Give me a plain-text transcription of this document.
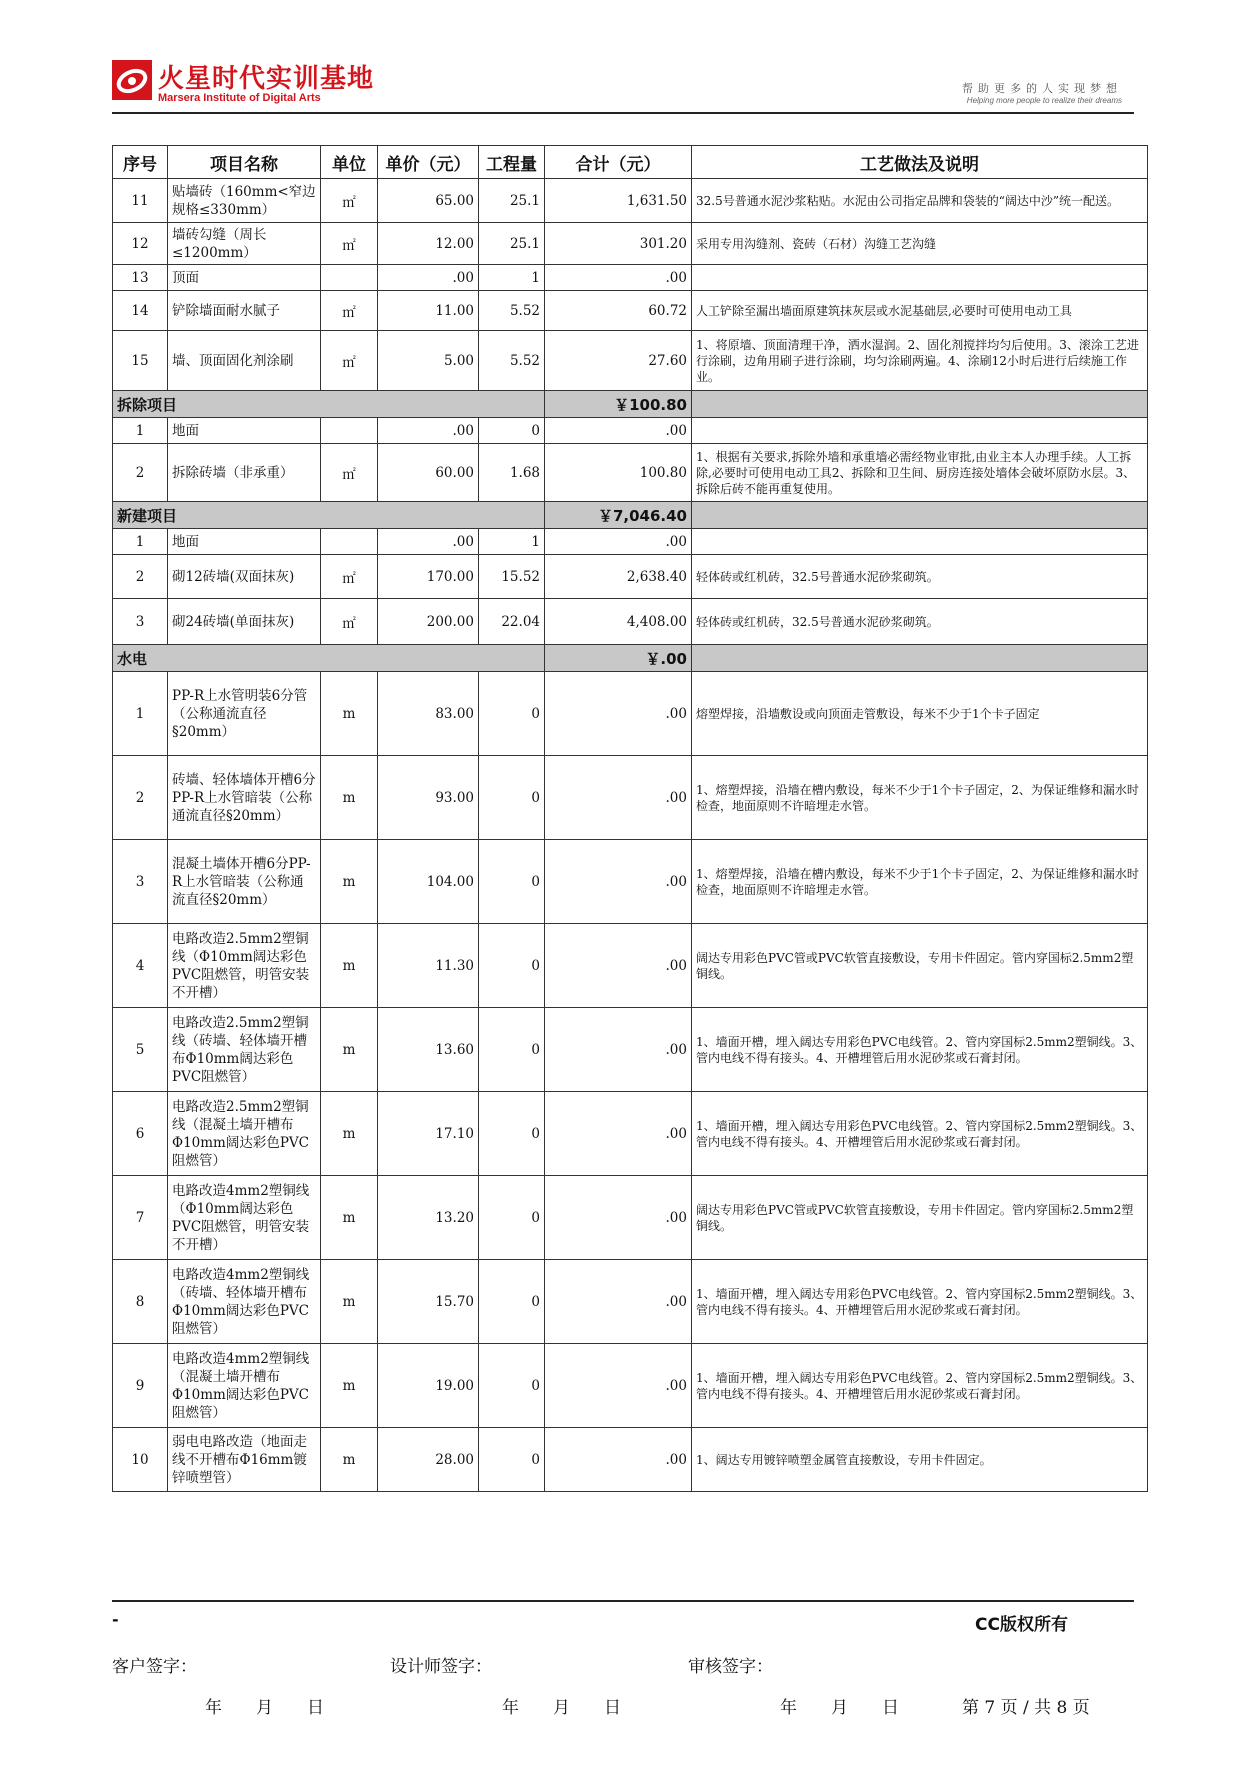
火星时代实训基地
Marsera Institute of Digital Arts
帮助更多的人实现梦想
Helping more people to realize their dreams
序号	项目名称	单位	单价（元）	工程量	合计（元）	工艺做法及说明
11	贴墙砖（160mm<窄边规格≤330mm）	㎡	65.00	25.1	1,631.50	32.5号普通水泥沙浆粘贴。水泥由公司指定品牌和袋装的“阔达中沙”统一配送。
12	墙砖勾缝（周长≤1200mm）	㎡	12.00	25.1	301.20	采用专用沟缝剂、瓷砖（石材）沟缝工艺沟缝
13	顶面		.00	1	.00	
14	铲除墙面耐水腻子	㎡	11.00	5.52	60.72	人工铲除至漏出墙面原建筑抹灰层或水泥基础层,必要时可使用电动工具
15	墙、顶面固化剂涂刷	㎡	5.00	5.52	27.60	1、将原墙、顶面清理干净，洒水湿润。2、固化剂搅拌均匀后使用。3、滚涂工艺进行涂刷，边角用刷子进行涂刷，均匀涂刷两遍。4、涂刷12小时后进行后续施工作业。
拆除项目					￥100.80	
1	地面		.00	0	.00	
2	拆除砖墙（非承重）	㎡	60.00	1.68	100.80	1、根据有关要求,拆除外墙和承重墙必需经物业审批,由业主本人办理手续。人工拆除,必要时可使用电动工具2、拆除和卫生间、厨房连接处墙体会破坏原防水层。3、拆除后砖不能再重复使用。
新建项目					￥7,046.40	
1	地面		.00	1	.00	
2	砌12砖墙(双面抹灰)	㎡	170.00	15.52	2,638.40	轻体砖或红机砖，32.5号普通水泥砂浆砌筑。
3	砌24砖墙(单面抹灰)	㎡	200.00	22.04	4,408.00	轻体砖或红机砖，32.5号普通水泥砂浆砌筑。
水电					￥.00	
1	PP-R上水管明装6分管（公称通流直径§20mm）	m	83.00	0	.00	熔塑焊接，沿墙敷设或向顶面走管敷设，每米不少于1个卡子固定
2	砖墙、轻体墙体开槽6分PP-R上水管暗装（公称通流直径§20mm）	m	93.00	0	.00	1、熔塑焊接，沿墙在槽内敷设，每米不少于1个卡子固定，2、为保证维修和漏水时检查，地面原则不许暗埋走水管。
3	混凝土墙体开槽6分PP-R上水管暗装（公称通流直径§20mm）	m	104.00	0	.00	1、熔塑焊接，沿墙在槽内敷设，每米不少于1个卡子固定，2、为保证维修和漏水时检查，地面原则不许暗埋走水管。
4	电路改造2.5mm2塑铜线（Φ10mm阔达彩色PVC阻燃管，明管安装不开槽）	m	11.30	0	.00	阔达专用彩色PVC管或PVC软管直接敷设，专用卡件固定。管内穿国标2.5mm2塑铜线。
5	电路改造2.5mm2塑铜线（砖墙、轻体墙开槽布Φ10mm阔达彩色PVC阻燃管）	m	13.60	0	.00	1、墙面开槽，埋入阔达专用彩色PVC电线管。2、管内穿国标2.5mm2塑铜线。3、管内电线不得有接头。4、开槽埋管后用水泥砂浆或石膏封闭。
6	电路改造2.5mm2塑铜线（混凝土墙开槽布Φ10mm阔达彩色PVC阻燃管）	m	17.10	0	.00	1、墙面开槽，埋入阔达专用彩色PVC电线管。2、管内穿国标2.5mm2塑铜线。3、管内电线不得有接头。4、开槽埋管后用水泥砂浆或石膏封闭。
7	电路改造4mm2塑铜线（Φ10mm阔达彩色PVC阻燃管，明管安装不开槽）	m	13.20	0	.00	阔达专用彩色PVC管或PVC软管直接敷设，专用卡件固定。管内穿国标2.5mm2塑铜线。
8	电路改造4mm2塑铜线（砖墙、轻体墙开槽布Φ10mm阔达彩色PVC阻燃管）	m	15.70	0	.00	1、墙面开槽，埋入阔达专用彩色PVC电线管。2、管内穿国标2.5mm2塑铜线。3、管内电线不得有接头。4、开槽埋管后用水泥砂浆或石膏封闭。
9	电路改造4mm2塑铜线（混凝土墙开槽布Φ10mm阔达彩色PVC阻燃管）	m	19.00	0	.00	1、墙面开槽，埋入阔达专用彩色PVC电线管。2、管内穿国标2.5mm2塑铜线。3、管内电线不得有接头。4、开槽埋管后用水泥砂浆或石膏封闭。
10	弱电电路改造（地面走线不开槽布Φ16mm镀锌喷塑管）	m	28.00	0	.00	1、阔达专用镀锌喷塑金属管直接敷设，专用卡件固定。
-	CC版权所有
客户签字：	设计师签字：	审核签字：
年　　月　　日	年　　月　　日	年　　月　　日	第 7 页 / 共 8 页
